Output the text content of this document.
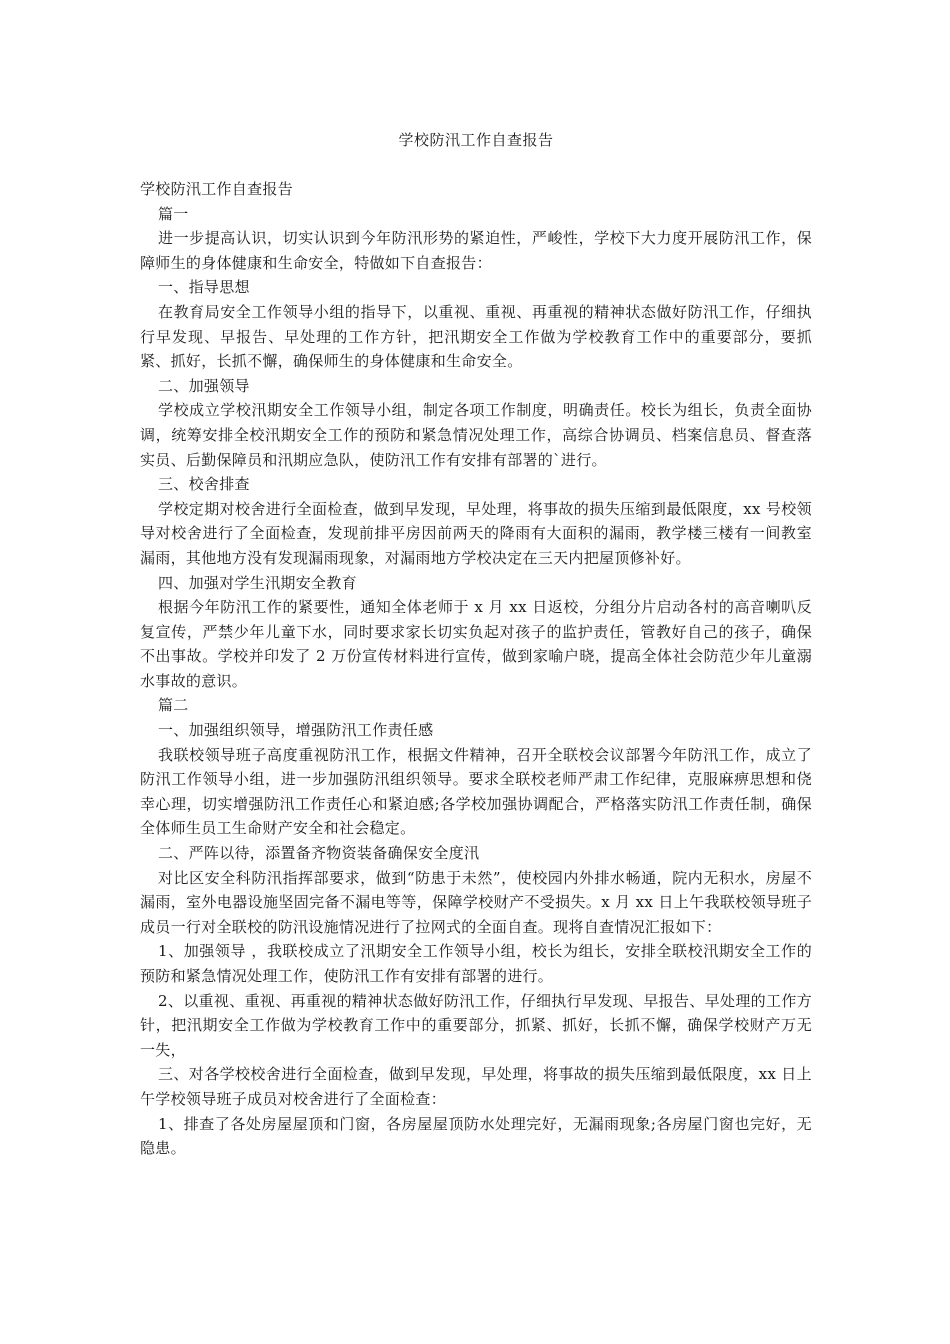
学校防汛工作自查报告

学校防汛工作自查报告

篇一

进一步提高认识，切实认识到今年防汛形势的紧迫性，严峻性，学校下大力度开展防汛工作，保障师生的身体健康和生命安全，特做如下自查报告：

一、指导思想

在教育局安全工作领导小组的指导下，以重视、重视、再重视的精神状态做好防汛工作，仔细执行早发现、早报告、早处理的工作方针，把汛期安全工作做为学校教育工作中的重要部分，要抓紧、抓好，长抓不懈，确保师生的身体健康和生命安全。

二、加强领导

学校成立学校汛期安全工作领导小组，制定各项工作制度，明确责任。校长为组长，负责全面协调，统筹安排全校汛期安全工作的预防和紧急情况处理工作，高综合协调员、档案信息员、督查落实员、后勤保障员和汛期应急队，使防汛工作有安排有部署的`进行。

三、校舍排查

学校定期对校舍进行全面检查，做到早发现，早处理，将事故的损失压缩到最低限度，xx 号校领导对校舍进行了全面检查，发现前排平房因前两天的降雨有大面积的漏雨，教学楼三楼有一间教室漏雨，其他地方没有发现漏雨现象，对漏雨地方学校决定在三天内把屋顶修补好。

四、加强对学生汛期安全教育

根据今年防汛工作的紧要性，通知全体老师于 x 月 xx 日返校，分组分片启动各村的高音喇叭反复宣传，严禁少年儿童下水，同时要求家长切实负起对孩子的监护责任，管教好自己的孩子，确保不出事故。学校并印发了 2 万份宣传材料进行宣传，做到家喻户晓，提高全体社会防范少年儿童溺水事故的意识。

篇二

一、加强组织领导，增强防汛工作责任感

我联校领导班子高度重视防汛工作，根据文件精神，召开全联校会议部署今年防汛工作，成立了防汛工作领导小组，进一步加强防汛组织领导。要求全联校老师严肃工作纪律，克服麻痹思想和侥幸心理，切实增强防汛工作责任心和紧迫感;各学校加强协调配合，严格落实防汛工作责任制，确保全体师生员工生命财产安全和社会稳定。

二、严阵以待，添置备齐物资装备确保安全度汛

对比区安全科防汛指挥部要求，做到“防患于未然”，使校园内外排水畅通，院内无积水，房屋不漏雨，室外电器设施坚固完备不漏电等等，保障学校财产不受损失。x 月 xx 日上午我联校领导班子成员一行对全联校的防汛设施情况进行了拉网式的全面自查。现将自查情况汇报如下：

1、加强领导 ，我联校成立了汛期安全工作领导小组，校长为组长，安排全联校汛期安全工作的预防和紧急情况处理工作，使防汛工作有安排有部署的进行。

2、以重视、重视、再重视的精神状态做好防汛工作，仔细执行早发现、早报告、早处理的工作方针，把汛期安全工作做为学校教育工作中的重要部分，抓紧、抓好，长抓不懈，确保学校财产万无一失，

三、对各学校校舍进行全面检查，做到早发现，早处理，将事故的损失压缩到最低限度，xx 日上午学校领导班子成员对校舍进行了全面检查：

1、排查了各处房屋屋顶和门窗，各房屋屋顶防水处理完好，无漏雨现象;各房屋门窗也完好，无隐患。
